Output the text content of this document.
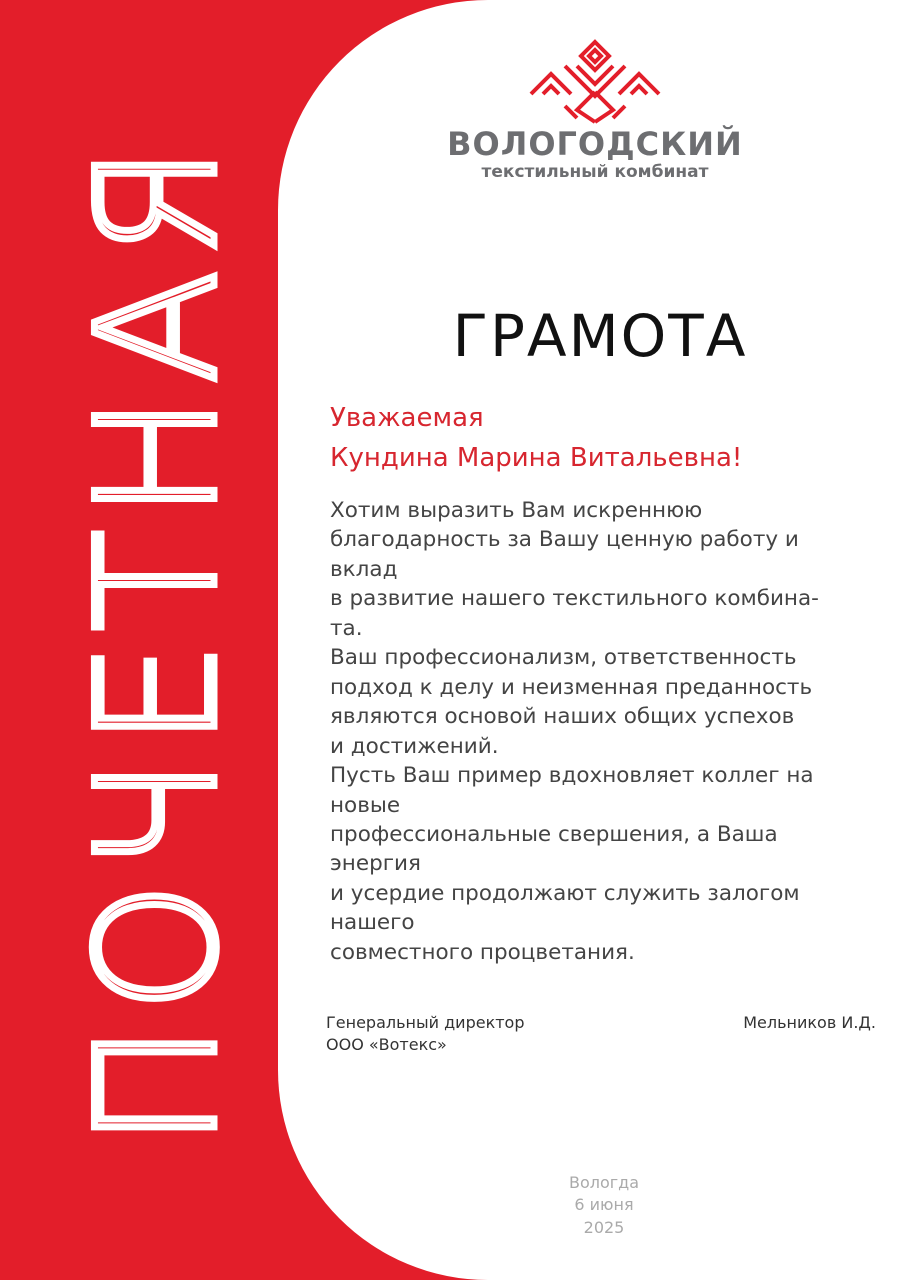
ПОЧЕТНАЯ	ВОЛОГОДСКИЙ
текстильный комбинат
ГРАМОТА
Уважаемая
Кундина Марина Витальевна!
Хотим выразить Вам искреннюю
благодарность за Вашу ценную работу и
вклад
в развитие нашего текстильного комбина-
та.
Ваш профессионализм, ответственность
подход к делу и неизменная преданность
являются основой наших общих успехов
и достижений.
Пусть Ваш пример вдохновляет коллег на
новые
профессиональные свершения, а Ваша
энергия
и усердие продолжают служить залогом
нашего
совместного процветания.
Генеральный директор
ООО «Вотекс»
Мельников И.Д.
Вологда
6 июня
2025
